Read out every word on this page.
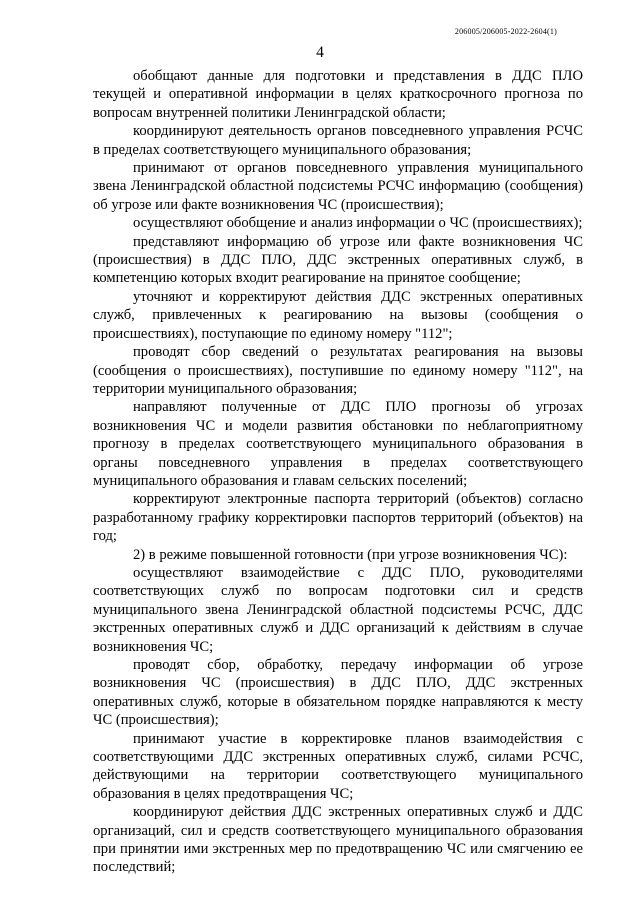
206005/206005-2022-2604(1)
4

обобщают данные для подготовки и представления в ДДС ПЛО текущей и оперативной информации в целях краткосрочного прогноза по вопросам внутренней политики Ленинградской области;

координируют деятельность органов повседневного управления РСЧС в пределах соответствующего муниципального образования;

принимают от органов повседневного управления муниципального звена Ленинградской областной подсистемы РСЧС информацию (сообщения) об угрозе или факте возникновения ЧС (происшествия);

осуществляют обобщение и анализ информации о ЧС (происшествиях);

представляют информацию об угрозе или факте возникновения ЧС (происшествия) в ДДС ПЛО, ДДС экстренных оперативных служб, в компетенцию которых входит реагирование на принятое сообщение;

уточняют и корректируют действия ДДС экстренных оперативных служб, привлеченных к реагированию на вызовы (сообщения о происшествиях), поступающие по единому номеру "112";

проводят сбор сведений о результатах реагирования на вызовы (сообщения о происшествиях), поступившие по единому номеру "112", на территории муниципального образования;

направляют полученные от ДДС ПЛО прогнозы об угрозах возникновения ЧС и модели развития обстановки по неблагоприятному прогнозу в пределах соответствующего муниципального образования в органы повседневного управления в пределах соответствующего муниципального образования и главам сельских поселений;

корректируют электронные паспорта территорий (объектов) согласно разработанному графику корректировки паспортов территорий (объектов) на год;

2) в режиме повышенной готовности (при угрозе возникновения ЧС):

осуществляют взаимодействие с ДДС ПЛО, руководителями соответствующих служб по вопросам подготовки сил и средств муниципального звена Ленинградской областной подсистемы РСЧС, ДДС экстренных оперативных служб и ДДС организаций к действиям в случае возникновения ЧС;

проводят сбор, обработку, передачу информации об угрозе возникновения ЧС (происшествия) в ДДС ПЛО, ДДС экстренных оперативных служб, которые в обязательном порядке направляются к месту ЧС (происшествия);

принимают участие в корректировке планов взаимодействия с соответствующими ДДС экстренных оперативных служб, силами РСЧС, действующими на территории соответствующего муниципального образования в целях предотвращения ЧС;

координируют действия ДДС экстренных оперативных служб и ДДС организаций, сил и средств соответствующего муниципального образования при принятии ими экстренных мер по предотвращению ЧС или смягчению ее последствий;
